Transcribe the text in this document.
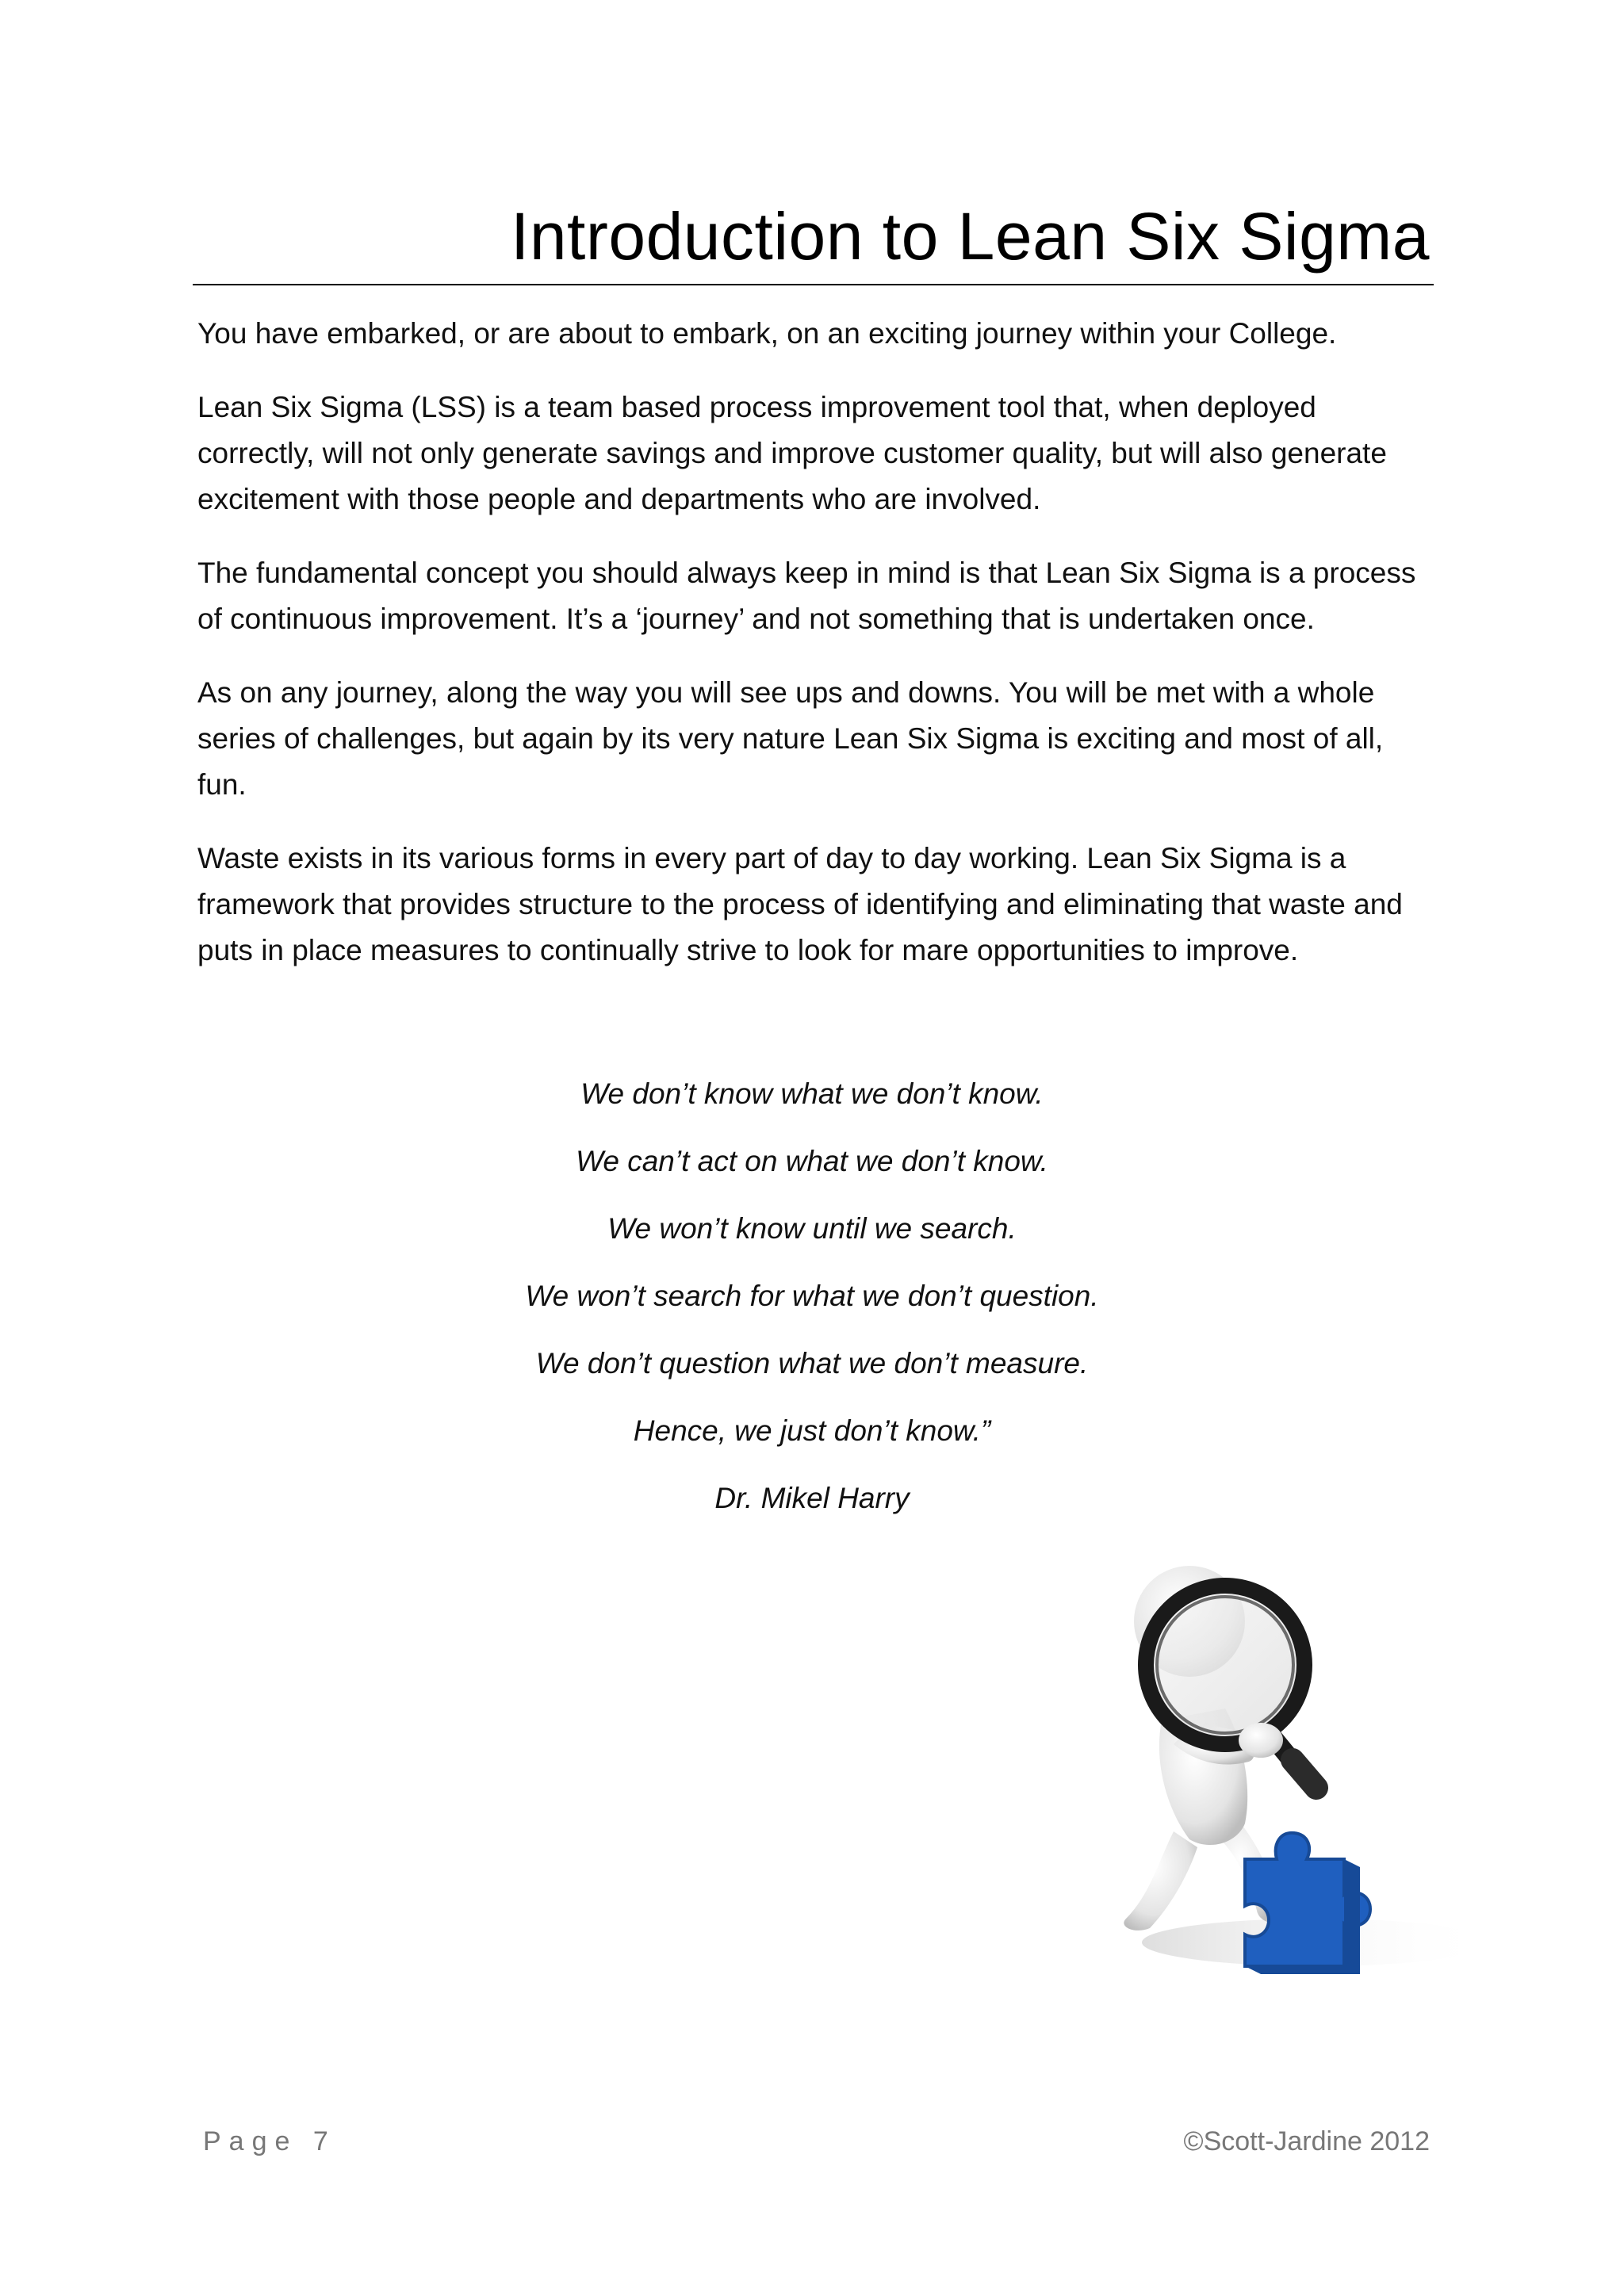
Introduction to Lean Six Sigma

You have embarked, or are about to embark, on an exciting journey within your College.

Lean Six Sigma (LSS) is a team based process improvement tool that, when deployed correctly, will not only generate savings and improve customer quality, but will also generate excitement with those people and departments who are involved.

The fundamental concept you should always keep in mind is that Lean Six Sigma is a process of continuous improvement. It’s a ‘journey’ and not something that is undertaken once.

As on any journey, along the way you will see ups and downs. You will be met with a whole series of challenges, but again by its very nature Lean Six Sigma is exciting and most of all, fun.

Waste exists in its various forms in every part of day to day working. Lean Six Sigma is a framework that provides structure to the process of identifying and eliminating that waste and puts in place measures to continually strive to look for mare opportunities to improve.

We don’t know what we don’t know.
We can’t act on what we don’t know.
We won’t know until we search.
We won’t search for what we don’t question.
We don’t question what we don’t measure.
Hence, we just don’t know.”
Dr. Mikel Harry
Page 7	©Scott-Jardine 2012
